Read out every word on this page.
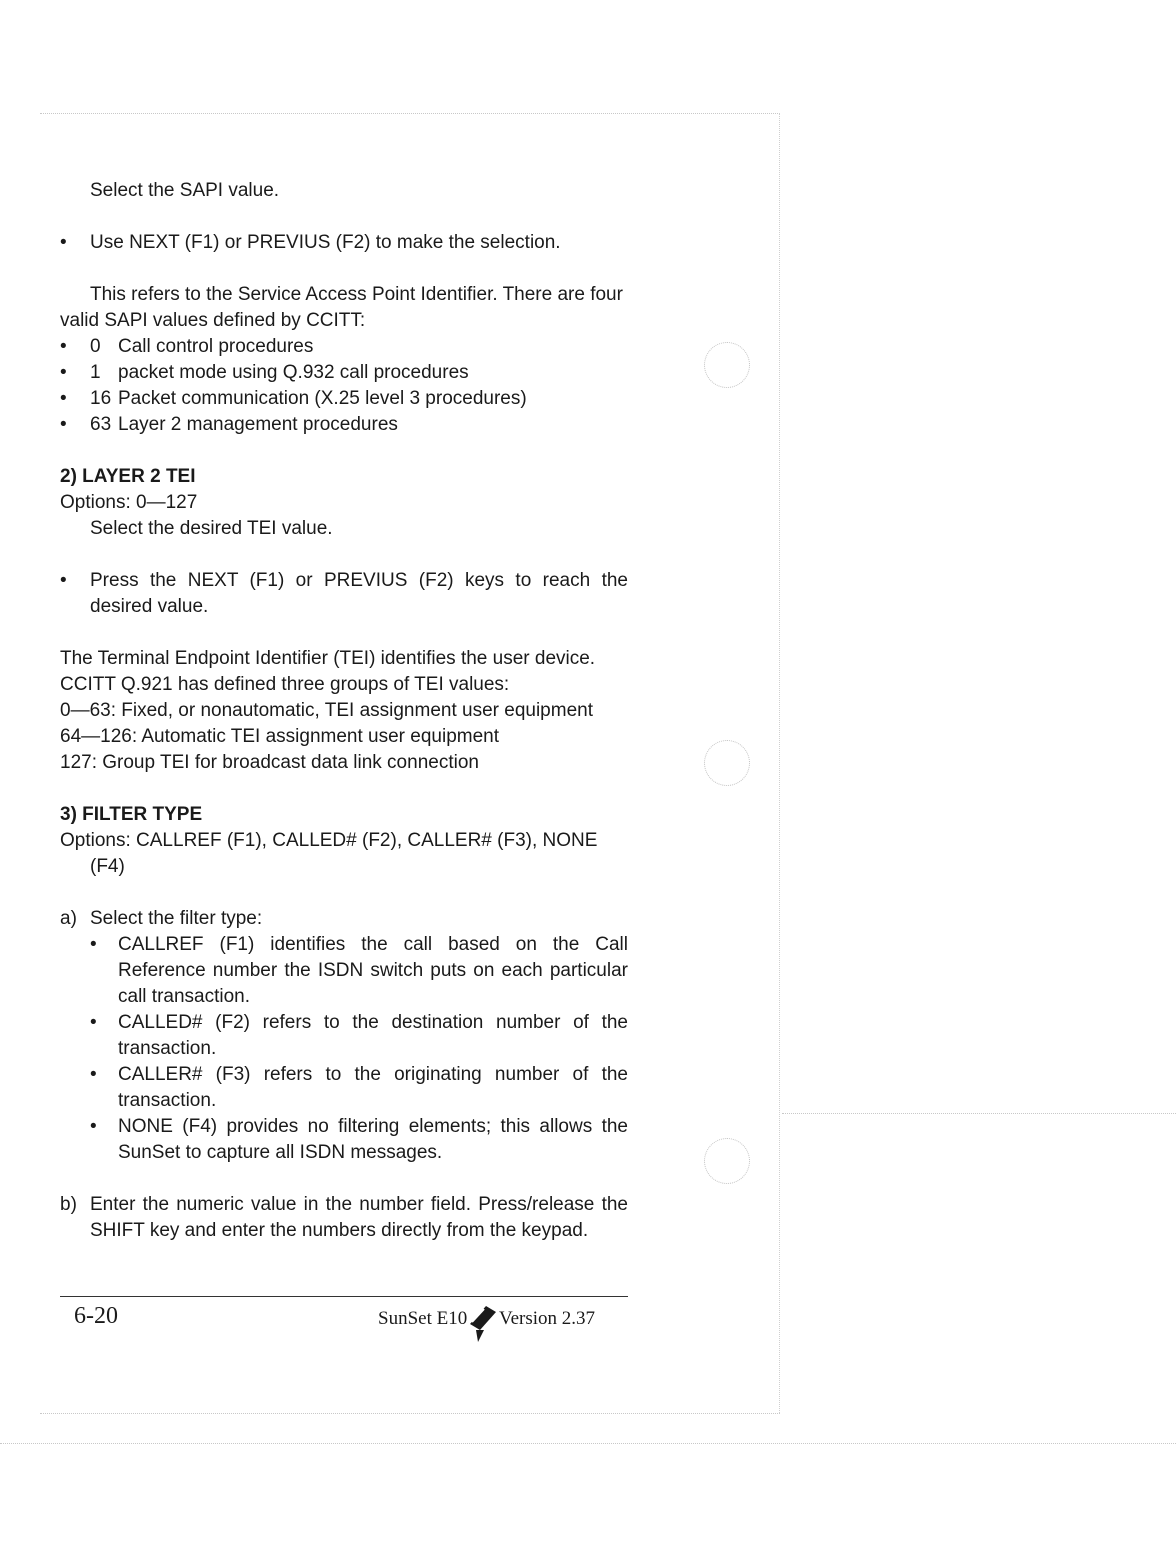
Select the SAPI value.

• Use NEXT (F1) or PREVIUS (F2) to make the selection.

This refers to the Service Access Point Identifier. There are four

valid SAPI values defined by CCITT:

• 0 Call control procedures

• 1 packet mode using Q.932 call procedures

• 16 Packet communication (X.25 level 3 procedures)

• 63 Layer 2 management procedures

2) LAYER 2 TEI

Options: 0—127

Select the desired TEI value.

• Press the NEXT (F1) or PREVIUS (F2) keys to reach the desired value.

The Terminal Endpoint Identifier (TEI) identifies the user device.

CCITT Q.921 has defined three groups of TEI values:

0—63: Fixed, or nonautomatic, TEI assignment user equipment

64—126: Automatic TEI assignment user equipment

127: Group TEI for broadcast data link connection

3) FILTER TYPE

Options: CALLREF (F1), CALLED# (F2), CALLER# (F3), NONE

(F4)

a) Select the filter type:

• CALLREF (F1) identifies the call based on the Call Reference number the ISDN switch puts on each particular call transaction.

• CALLED# (F2) refers to the destination number of the transaction.

• CALLER# (F3) refers to the originating number of the transaction.

• NONE (F4) provides no filtering elements; this allows the SunSet to capture all ISDN messages.

b) Enter the numeric value in the number field. Press/release the SHIFT key and enter the numbers directly from the keypad.

6-20	SunSet E10 Version 2.37
